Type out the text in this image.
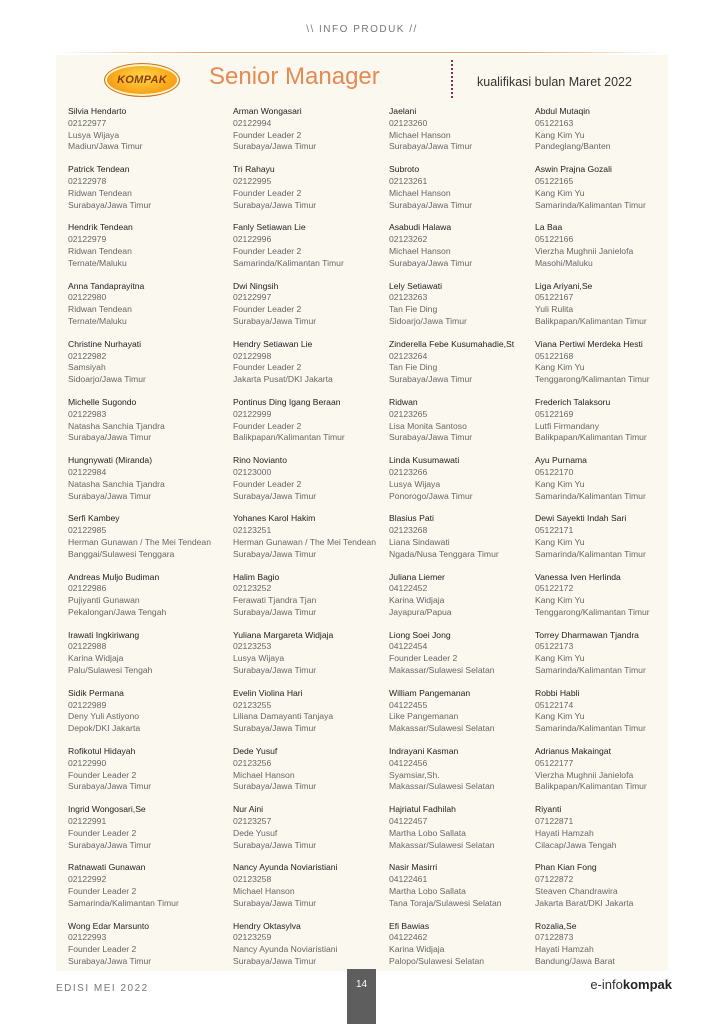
\\ INFO PRODUK //
KOMPAK Senior Manager	kualifikasi bulan Maret 2022
Silvia Hendarto
02122977
Lusya Wijaya
Madiun/Jawa Timur
Patrick Tendean
02122978
Ridwan Tendean
Surabaya/Jawa Timur
Hendrik Tendean
02122979
Ridwan Tendean
Ternate/Maluku
Anna Tandaprayitna
02122980
Ridwan Tendean
Ternate/Maluku
Christine Nurhayati
02122982
Samsiyah
Sidoarjo/Jawa Timur
Michelle Sugondo
02122983
Natasha Sanchia Tjandra
Surabaya/Jawa Timur
Hungnywati (Miranda)
02122984
Natasha Sanchia Tjandra
Surabaya/Jawa Timur
Serfi Kambey
02122985
Herman Gunawan / The Mei Tendean
Banggai/Sulawesi Tenggara
Andreas Muljo Budiman
02122986
Pujiyanti Gunawan
Pekalongan/Jawa Tengah
Irawati Ingkiriwang
02122988
Karina Widjaja
Palu/Sulawesi Tengah
Sidik Permana
02122989
Deny Yuli Astiyono
Depok/DKI Jakarta
Rofikotul Hidayah
02122990
Founder Leader 2
Surabaya/Jawa Timur
Ingrid Wongosari,Se
02122991
Founder Leader 2
Surabaya/Jawa Timur
Ratnawati Gunawan
02122992
Founder Leader 2
Samarinda/Kalimantan Timur
Wong Edar Marsunto
02122993
Founder Leader 2
Surabaya/Jawa Timur
Arman Wongasari
02122994
Founder Leader 2
Surabaya/Jawa Timur
Tri Rahayu
02122995
Founder Leader 2
Surabaya/Jawa Timur
Fanly Setiawan Lie
02122996
Founder Leader 2
Samarinda/Kalimantan Timur
Dwi Ningsih
02122997
Founder Leader 2
Surabaya/Jawa Timur
Hendry Setiawan Lie
02122998
Founder Leader 2
Jakarta Pusat/DKI Jakarta
Pontinus Ding Igang Beraan
02122999
Founder Leader 2
Balikpapan/Kalimantan Timur
Rino Novianto
02123000
Founder Leader 2
Surabaya/Jawa Timur
Yohanes Karol Hakim
02123251
Herman Gunawan / The Mei Tendean
Surabaya/Jawa Timur
Halim Bagio
02123252
Ferawati Tjandra Tjan
Surabaya/Jawa Timur
Yuliana Margareta Widjaja
02123253
Lusya Wijaya
Surabaya/Jawa Timur
Evelin Violina Hari
02123255
Liliana Damayanti Tanjaya
Surabaya/Jawa Timur
Dede Yusuf
02123256
Michael Hanson
Surabaya/Jawa Timur
Nur Aini
02123257
Dede Yusuf
Surabaya/Jawa Timur
Nancy Ayunda Noviaristiani
02123258
Michael Hanson
Surabaya/Jawa Timur
Hendry Oktasylva
02123259
Nancy Ayunda Noviaristiani
Surabaya/Jawa Timur
Jaelani
02123260
Michael Hanson
Surabaya/Jawa Timur
Subroto
02123261
Michael Hanson
Surabaya/Jawa Timur
Asabudi Halawa
02123262
Michael Hanson
Surabaya/Jawa Timur
Lely Setiawati
02123263
Tan Fie Ding
Sidoarjo/Jawa Timur
Zinderella Febe Kusumahadie,St
02123264
Tan Fie Ding
Surabaya/Jawa Timur
Ridwan
02123265
Lisa Monita Santoso
Surabaya/Jawa Timur
Linda Kusumawati
02123266
Lusya Wijaya
Ponorogo/Jawa Timur
Blasius Pati
02123268
Liana Sindawati
Ngada/Nusa Tenggara Timur
Juliana Liemer
04122452
Karina Widjaja
Jayapura/Papua
Liong Soei Jong
04122454
Founder Leader 2
Makassar/Sulawesi Selatan
William Pangemanan
04122455
Like Pangemanan
Makassar/Sulawesi Selatan
Indrayani Kasman
04122456
Syamsiar,Sh.
Makassar/Sulawesi Selatan
Hajriatul Fadhilah
04122457
Martha Lobo Sallata
Makassar/Sulawesi Selatan
Nasir Masirri
04122461
Martha Lobo Sallata
Tana Toraja/Sulawesi Selatan
Efi Bawias
04122462
Karina Widjaja
Palopo/Sulawesi Selatan
Abdul Mutaqin
05122163
Kang Kim Yu
Pandeglang/Banten
Aswin Prajna Gozali
05122165
Kang Kim Yu
Samarinda/Kalimantan Timur
La Baa
05122166
Vierzha Mughnii Janielofa
Masohi/Maluku
Liga Ariyani,Se
05122167
Yuli Rulita
Balikpapan/Kalimantan Timur
Viana Pertiwi Merdeka Hesti
05122168
Kang Kim Yu
Tenggarong/Kalimantan Timur
Frederich Talaksoru
05122169
Lutfi Firmandany
Balikpapan/Kalimantan Timur
Ayu Purnama
05122170
Kang Kim Yu
Samarinda/Kalimantan Timur
Dewi Sayekti Indah Sari
05122171
Kang Kim Yu
Samarinda/Kalimantan Timur
Vanessa Iven Herlinda
05122172
Kang Kim Yu
Tenggarong/Kalimantan Timur
Torrey Dharmawan Tjandra
05122173
Kang Kim Yu
Samarinda/Kalimantan Timur
Robbi Habli
05122174
Kang Kim Yu
Samarinda/Kalimantan Timur
Adrianus Makaingat
05122177
Vierzha Mughnii Janielofa
Balikpapan/Kalimantan Timur
Riyanti
07122871
Hayati Hamzah
Cilacap/Jawa Tengah
Phan Kian Fong
07122872
Steaven Chandrawira
Jakarta Barat/DKI Jakarta
Rozalia,Se
07122873
Hayati Hamzah
Bandung/Jawa Barat
EDISI MEI 2022	14	e-infokompak
